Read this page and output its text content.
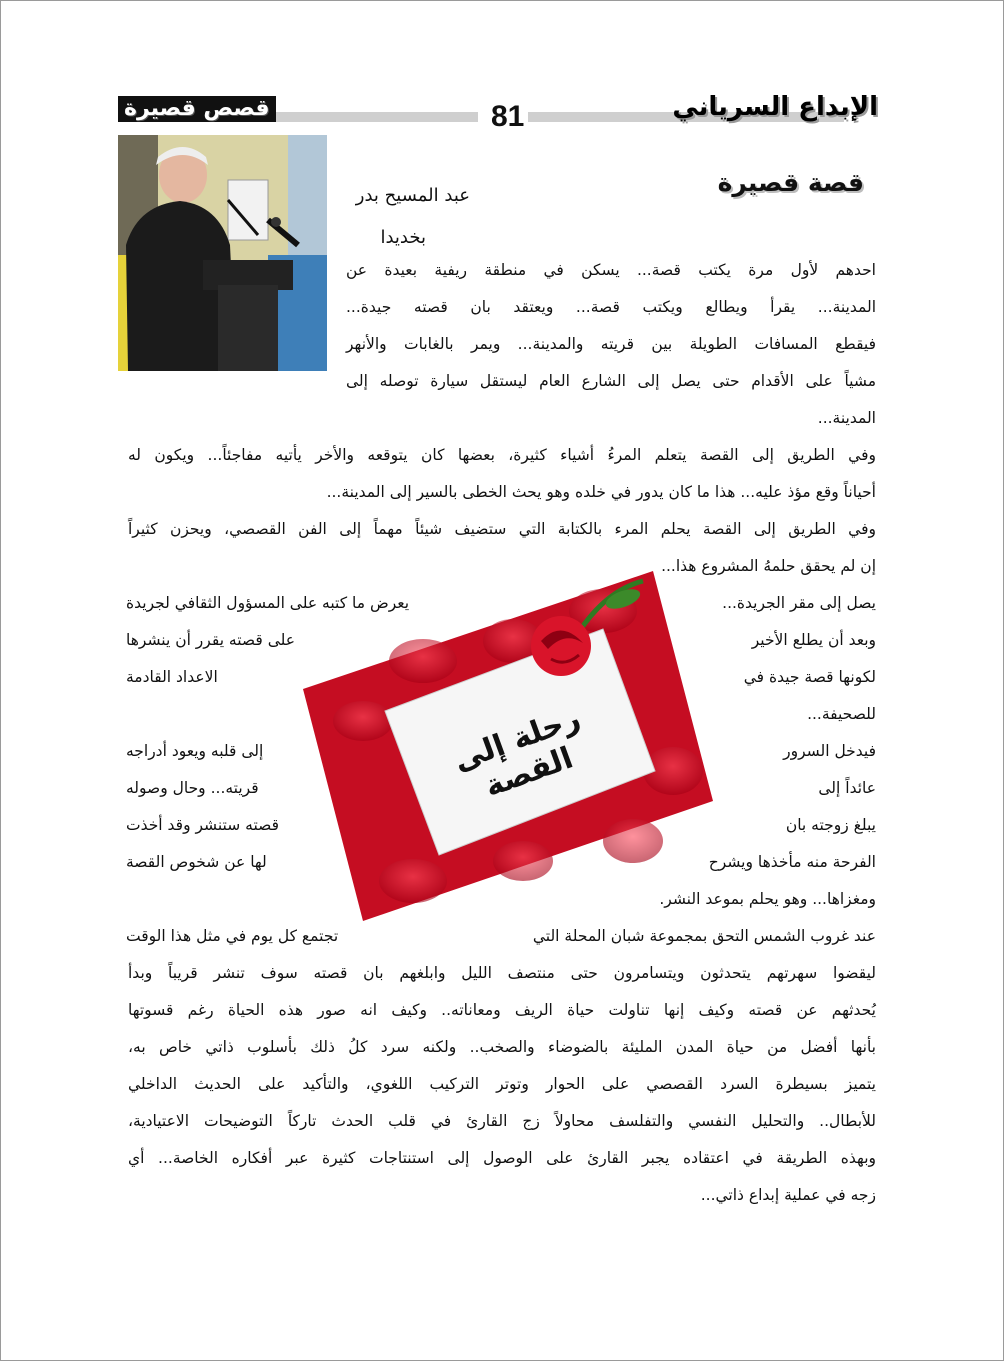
الإبداع السرياني
قصص قصيرة	81
قصة قصيرة
عبد المسيح بدر
بخديدا
احدهم لأول مرة يكتب قصة... يسكن في منطقة ريفية بعيدة عن
المدينة... يقرأ ويطالع ويكتب قصة... ويعتقد بان قصته جيدة...
فيقطع المسافات الطويلة بين قريته والمدينة... ويمر بالغابات والأنهر
مشياً على الأقدام حتى يصل إلى الشارع العام ليستقل سيارة توصله إلى
المدينة...
وفي الطريق إلى القصة يتعلم المرءُ أشياء كثيرة، بعضها كان يتوقعه والأخر يأتيه مفاجئاً... ويكون له
أحياناً وقع مؤذ عليه... هذا ما كان يدور في خلده وهو يحث الخطى بالسير إلى المدينة...
وفي الطريق إلى القصة يحلم المرء بالكتابة التي ستضيف شيئاً مهماً إلى الفن القصصي، ويحزن كثيراً
إن لم يحقق حلمهُ المشروع هذا...
يصل إلى مقر الجريدة...
يعرض ما كتبه على المسؤول الثقافي لجريدة
وبعد أن يطلع الأخير
على قصته يقرر أن ينشرها
لكونها قصة جيدة في
الاعداد القادمة
للصحيفة...
فيدخل السرور
إلى قلبه ويعود أدراجه
عائداً إلى
قريته... وحال وصوله
يبلغ زوجته بان
قصته ستنشر وقد أخذت
الفرحة منه مأخذها ويشرح
لها عن شخوص القصة
ومغزاها... وهو يحلم بموعد النشر.
عند غروب الشمس التحق بمجموعة شبان المحلة التي
تجتمع كل يوم في مثل هذا الوقت
ليقضوا سهرتهم يتحدثون ويتسامرون حتى منتصف الليل وابلغهم بان قصته سوف تنشر قريباً وبدأ
يُحدثهم عن قصته وكيف إنها تناولت حياة الريف ومعاناته.. وكيف انه صور هذه الحياة رغم قسوتها
بأنها أفضل من حياة المدن المليئة بالضوضاء والصخب.. ولكنه سرد كلُ ذلك بأسلوب ذاتي خاص به،
يتميز بسيطرة السرد القصصي على الحوار وتوتر التركيب اللغوي، والتأكيد على الحديث الداخلي
للأبطال.. والتحليل النفسي والتفلسف محاولاً زج القارئ في قلب الحدث تاركاً التوضيحات الاعتيادية،
وبهذه الطريقة في اعتقاده يجبر القارئ على الوصول إلى استنتاجات كثيرة عبر أفكاره الخاصة... أي
زجه في عملية إبداع ذاتي...
رحلة إلى القصة
